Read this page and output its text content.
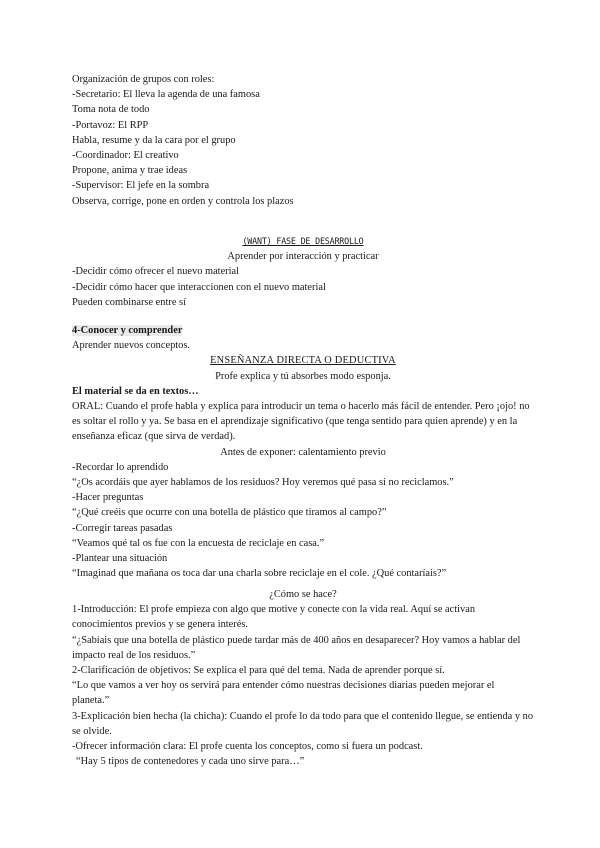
Organización de grupos con roles:
-Secretario: El lleva la agenda de una famosa
Toma nota de todo
-Portavoz: El RPP
Habla, resume y da la cara por el grupo
-Coordinador: El creativo
Propone, anima y trae ideas
-Supervisor: El jefe en la sombra
Observa, corrige, pone en orden y controla los plazos
(WANT) FASE DE DESARROLLO
Aprender por interacción y practicar
-Decidir cómo ofrecer el nuevo material
-Decidir cómo hacer que interaccionen con el nuevo material
Pueden combinarse entre sí
4-Conocer y comprender
Aprender nuevos conceptos.
ENSEÑANZA DIRECTA O DEDUCTIVA
Profe explica y tú absorbes modo esponja.
El material se da en textos…
ORAL: Cuando el profe habla y explica para introducir un tema o hacerlo más fácil de entender. Pero ¡ojo! no es soltar el rollo y ya. Se basa en el aprendizaje significativo (que tenga sentido para quien aprende) y en la enseñanza eficaz (que sirva de verdad).
Antes de exponer: calentamiento previo
-Recordar lo aprendido
“¿Os acordáis que ayer hablamos de los residuos? Hoy veremos qué pasa si no reciclamos.”
-Hacer preguntas
“¿Qué creéis que ocurre con una botella de plástico que tiramos al campo?”
-Corregir tareas pasadas
“Veamos qué tal os fue con la encuesta de reciclaje en casa.”
-Plantear una situación
“Imaginad que mañana os toca dar una charla sobre reciclaje en el cole. ¿Qué contaríais?”
¿Cómo se hace?
1-Introducción: El profe empieza con algo que motive y conecte con la vida real. Aquí se activan conocimientos previos y se genera interés.
“¿Sabíais que una botella de plástico puede tardar más de 400 años en desaparecer? Hoy vamos a hablar del impacto real de los residuos.”
2-Clarificación de objetivos: Se explica el para qué del tema. Nada de aprender porque sí.
“Lo que vamos a ver hoy os servirá para entender cómo nuestras decisiones diarias pueden mejorar el planeta.”
3-Explicación bien hecha (la chicha): Cuando el profe lo da todo para que el contenido llegue, se entienda y no se olvide.
-Ofrecer información clara: El profe cuenta los conceptos, como si fuera un podcast.
“Hay 5 tipos de contenedores y cada uno sirve para…”
